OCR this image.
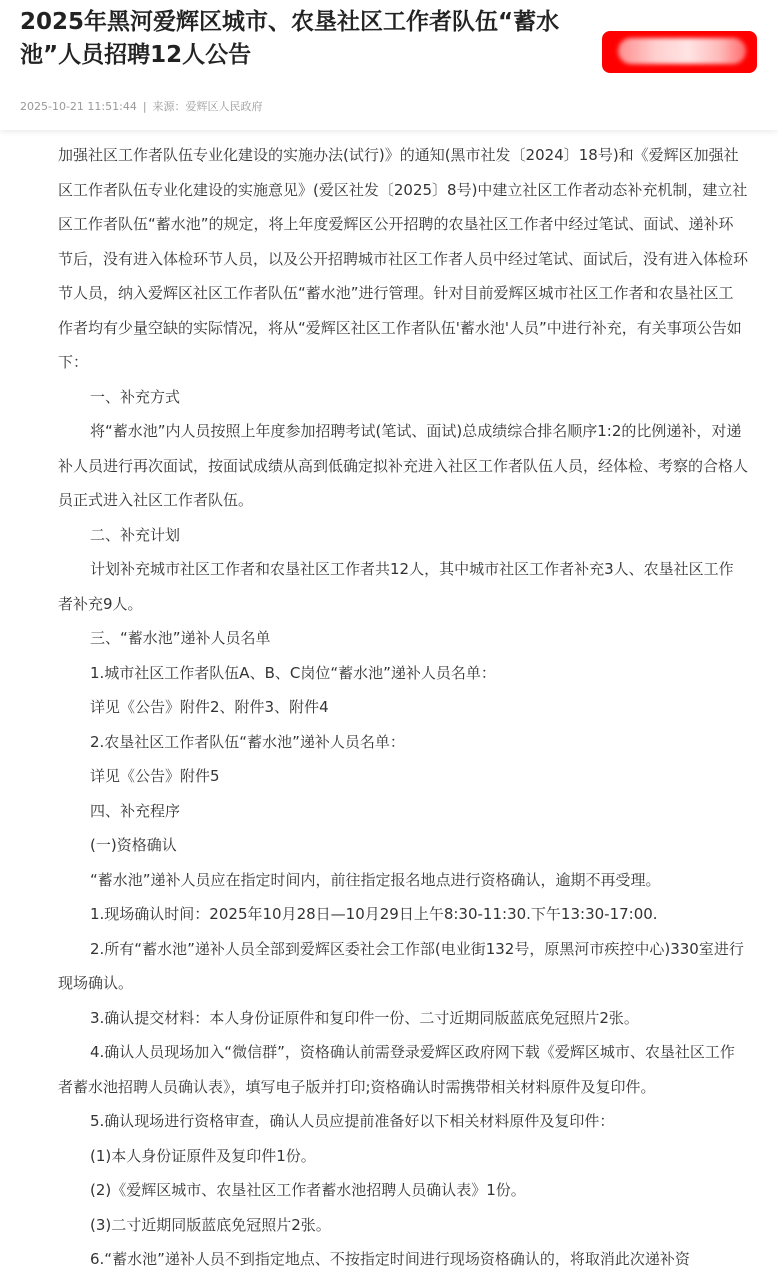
2025年黑河爱辉区城市、农垦社区工作者队伍“蓄水池”人员招聘12人公告
2025-10-21 11:51:44 | 来源：爱辉区人民政府

加强社区工作者队伍专业化建设的实施办法(试行)》的通知(黑市社发〔2024〕18号)和《爱辉区加强社区工作者队伍专业化建设的实施意见》(爱区社发〔2025〕8号)中建立社区工作者动态补充机制，建立社区工作者队伍“蓄水池”的规定，将上年度爱辉区公开招聘的农垦社区工作者中经过笔试、面试、递补环节后，没有进入体检环节人员，以及公开招聘城市社区工作者人员中经过笔试、面试后，没有进入体检环节人员，纳入爱辉区社区工作者队伍“蓄水池”进行管理。针对目前爱辉区城市社区工作者和农垦社区工作者均有少量空缺的实际情况，将从“爱辉区社区工作者队伍'蓄水池'人员”中进行补充，有关事项公告如下：

一、补充方式

将“蓄水池”内人员按照上年度参加招聘考试(笔试、面试)总成绩综合排名顺序1:2的比例递补，对递补人员进行再次面试，按面试成绩从高到低确定拟补充进入社区工作者队伍人员，经体检、考察的合格人员正式进入社区工作者队伍。

二、补充计划

计划补充城市社区工作者和农垦社区工作者共12人，其中城市社区工作者补充3人、农垦社区工作者补充9人。

三、“蓄水池”递补人员名单

1.城市社区工作者队伍A、B、C岗位“蓄水池”递补人员名单：

详见《公告》附件2、附件3、附件4

2.农垦社区工作者队伍“蓄水池”递补人员名单：

详见《公告》附件5

四、补充程序

(一)资格确认

“蓄水池”递补人员应在指定时间内，前往指定报名地点进行资格确认，逾期不再受理。

1.现场确认时间：2025年10月28日—10月29日上午8:30-11:30.下午13:30-17:00.

2.所有“蓄水池”递补人员全部到爱辉区委社会工作部(电业街132号，原黑河市疾控中心)330室进行现场确认。

3.确认提交材料：本人身份证原件和复印件一份、二寸近期同版蓝底免冠照片2张。

4.确认人员现场加入“微信群”，资格确认前需登录爱辉区政府网下载《爱辉区城市、农垦社区工作者蓄水池招聘人员确认表》，填写电子版并打印;资格确认时需携带相关材料原件及复印件。

5.确认现场进行资格审查，确认人员应提前准备好以下相关材料原件及复印件：

(1)本人身份证原件及复印件1份。

(2)《爱辉区城市、农垦社区工作者蓄水池招聘人员确认表》1份。

(3)二寸近期同版蓝底免冠照片2张。

6.“蓄水池”递补人员不到指定地点、不按指定时间进行现场资格确认的，将取消此次递补资
